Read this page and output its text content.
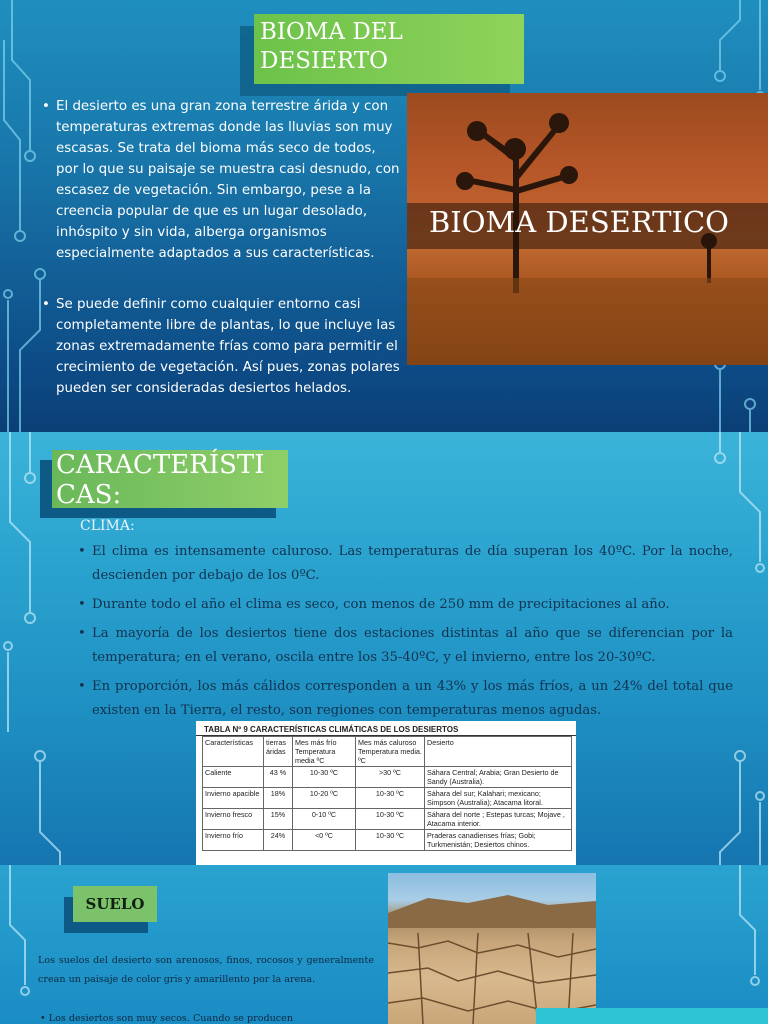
BIOMA DEL DESIERTO
• El desierto es una gran zona terrestre árida y con temperaturas extremas donde las lluvias son muy escasas. Se trata del bioma más seco de todos, por lo que su paisaje se muestra casi desnudo, con escasez de vegetación. Sin embargo, pese a la creencia popular de que es un lugar desolado, inhóspito y sin vida, alberga organismos especialmente adaptados a sus características.
• Se puede definir como cualquier entorno casi completamente libre de plantas, lo que incluye las zonas extremadamente frías como para permitir el crecimiento de vegetación. Así pues, zonas polares pueden ser consideradas desiertos helados.
BIOMA DESERTICO
CARACTERÍSTI CAS:
CLIMA:
• El clima es intensamente caluroso. Las temperaturas de día superan los 40ºC. Por la noche, descienden por debajo de los 0ºC.
• Durante todo el año el clima es seco, con menos de 250 mm de precipitaciones al año.
• La mayoría de los desiertos tiene dos estaciones distintas al año que se diferencian por la temperatura; en el verano, oscila entre los 35-40ºC, y el invierno, entre los 20-30ºC.
• En proporción, los más cálidos corresponden a un 43% y los más fríos, a un 24% del total que existen en la Tierra, el resto, son regiones con temperaturas menos agudas.
TABLA Nº 9 CARACTERÍSTICAS CLIMÁTICAS DE LOS DESIERTOS
Características	tierras áridas	Mes más frío Temperatura media ºC	Mes más caluroso Temperatura media. ºC	Desierto
Caliente	43 %	10-30 ºC	>30 ºC	Sáhara Central; Arabia; Gran Desierto de Sandy (Australia).
Invierno apacible	18%	10-20 ºC	10-30 ºC	Sáhara del sur; Kalahari; mexicano; Simpson (Australia); Atacama litoral.
Invierno fresco	15%	0-10 ºC	10-30 ºC	Sáhara del norte ; Estepas turcas; Mojave , Atacama interior.
Invierno frío	24%	<0 ºC	10-30 ºC	Praderas canadienses frías; Gobi; Turkmenistán; Desiertos chinos.
SUELO
Los suelos del desierto son arenosos, finos, rocosos y generalmente crean un paisaje de color gris y amarillento por la arena.
• Los desiertos son muy secos. Cuando se producen
